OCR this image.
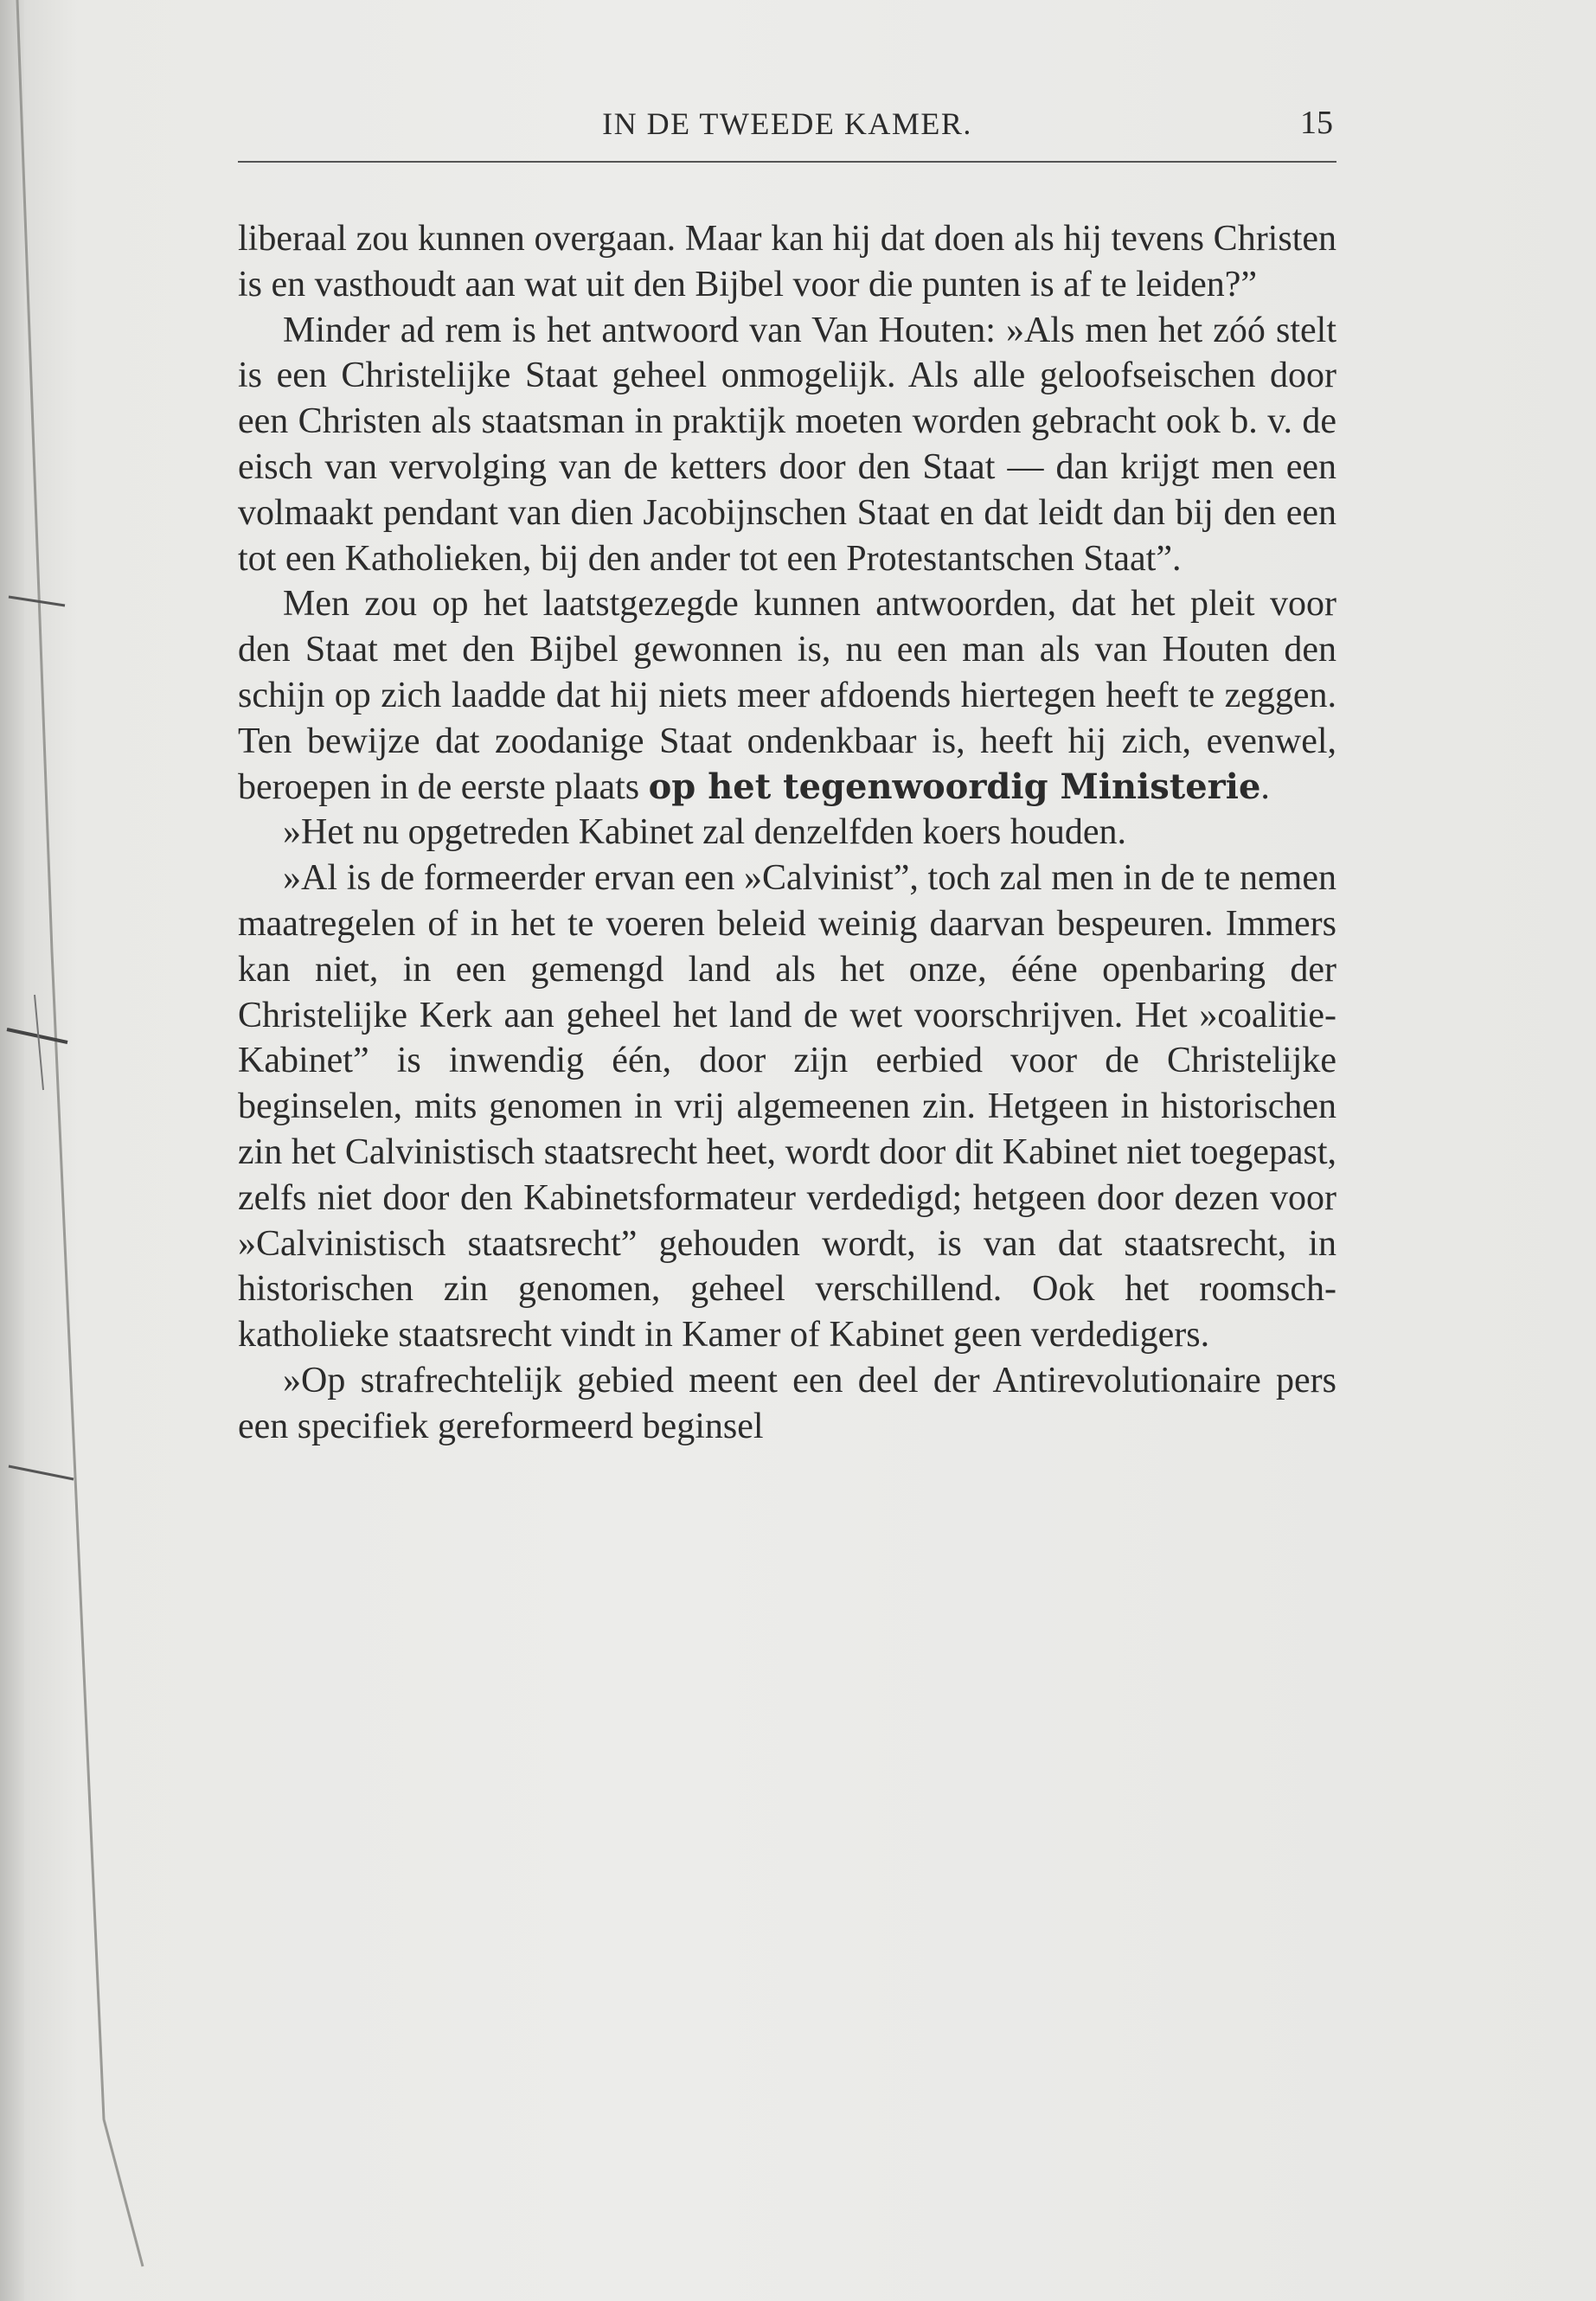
IN DE TWEEDE KAMER.	15

liberaal zou kunnen overgaan. Maar kan hij dat doen als hij tevens Christen is en vasthoudt aan wat uit den Bijbel voor die punten is af te leiden?”

Minder ad rem is het antwoord van Van Houten: »Als men het zóó stelt is een Christelijke Staat geheel onmogelijk. Als alle geloofseischen door een Christen als staatsman in praktijk moeten worden gebracht ook b. v. de eisch van vervolging van de ketters door den Staat — dan krijgt men een volmaakt pendant van dien Jacobijnschen Staat en dat leidt dan bij den een tot een Katholieken, bij den ander tot een Protestantschen Staat”.

Men zou op het laatstgezegde kunnen antwoorden, dat het pleit voor den Staat met den Bijbel gewonnen is, nu een man als van Houten den schijn op zich laadde dat hij niets meer afdoends hiertegen heeft te zeggen. Ten bewijze dat zoodanige Staat ondenkbaar is, heeft hij zich, evenwel, beroepen in de eerste plaats op het tegenwoordig Ministerie.

»Het nu opgetreden Kabinet zal denzelfden koers houden.

»Al is de formeerder ervan een »Calvinist”, toch zal men in de te nemen maatregelen of in het te voeren beleid weinig daarvan bespeuren. Immers kan niet, in een gemengd land als het onze, ééne openbaring der Christelijke Kerk aan geheel het land de wet voorschrijven. Het »coalitie-Kabinet” is inwendig één, door zijn eerbied voor de Christelijke beginselen, mits genomen in vrij algemeenen zin. Hetgeen in historischen zin het Calvinistisch staatsrecht heet, wordt door dit Kabinet niet toegepast, zelfs niet door den Kabinetsformateur verdedigd; hetgeen door dezen voor »Calvinistisch staatsrecht” gehouden wordt, is van dat staatsrecht, in historischen zin genomen, geheel verschillend. Ook het roomsch-katholieke staatsrecht vindt in Kamer of Kabinet geen verdedigers.

»Op strafrechtelijk gebied meent een deel der Antirevolutionaire pers een specifiek gereformeerd beginsel
